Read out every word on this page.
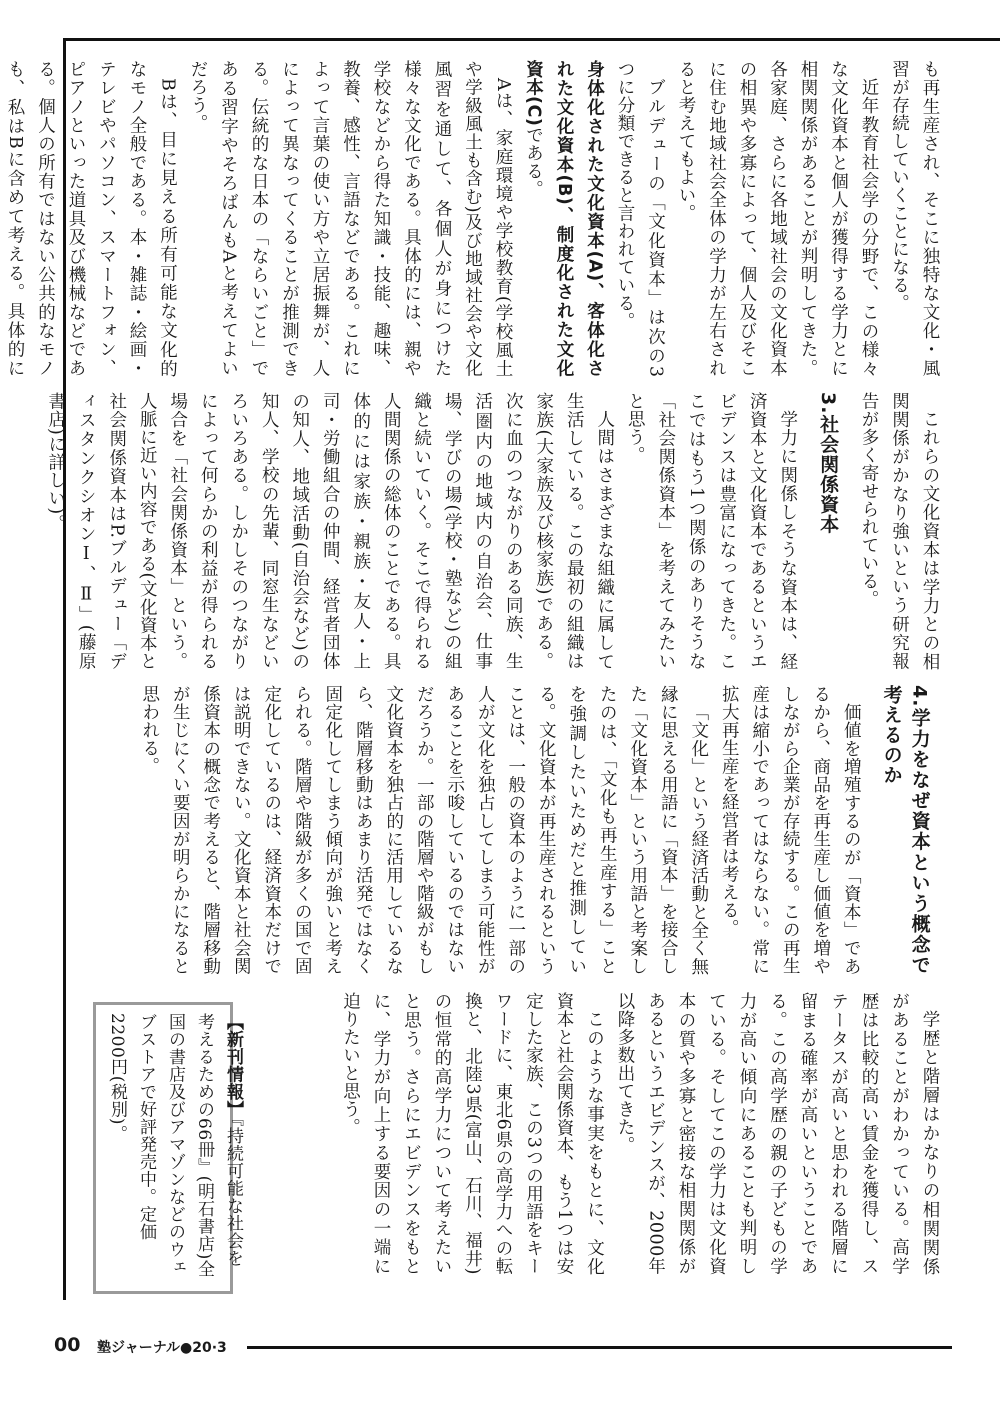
も再生産され、そこに独特な文化・風習が存続していくことになる。

近年教育社会学の分野で、この様々な文化資本と個人が獲得する学力とに相関関係があることが判明してきた。各家庭、さらに各地域社会の文化資本の相異や多寡によって、個人及びそこに住む地域社会全体の学力が左右されると考えてもよい。

ブルデューの「文化資本」は次の3つに分類できると言われている。

身体化された文化資本(A)、客体化された文化資本(B)、制度化された文化資本(C)である。

Aは、家庭環境や学校教育(学校風土や学級風土も含む)及び地域社会や文化風習を通して、各個人が身につけた様々な文化である。具体的には、親や学校などから得た知識・技能、趣味、教養、感性、言語などである。これによって言葉の使い方や立居振舞が、人によって異なってくることが推測できる。伝統的な日本の「ならいごと」である習字やそろばんもAと考えてよいだろう。

Bは、目に見える所有可能な文化的なモノ全般である。本・雑誌・絵画・テレビやパソコン、スマートフォン、ピアノといった道具及び機械などである。個人の所有ではない公共的なモノも、私はBに含めて考える。具体的に

これらの文化資本は学力との相関関係がかなり強いという研究報告が多く寄せられている。

3.社会関係資本

学力に関係しそうな資本は、経済資本と文化資本であるというエビデンスは豊富になってきた。ここではもう1つ関係のありそうな「社会関係資本」を考えてみたいと思う。

人間はさまざまな組織に属して生活している。この最初の組織は家族(大家族及び核家族)である。次に血のつながりのある同族、生活圏内の地域内の自治会、仕事場、学びの場(学校・塾など)の組織と続いていく。そこで得られる人間関係の総体のことである。具体的には家族・親族・友人・上司・労働組合の仲間、経営者団体の知人、地域活動(自治会など)の知人、学校の先輩、同窓生などいろいろある。しかしそのつながりによって何らかの利益が得られる場合を「社会関係資本」という。人脈に近い内容である(文化資本と社会関係資本はP.ブルデュー「ディスタンクシオンⅠ、Ⅱ」(藤原書店)に詳しい)。

4.学力をなぜ資本という概念で考えるのか

価値を増殖するのが「資本」であるから、商品を再生産し価値を増やしながら企業が存続する。この再生産は縮小であってはならない。常に拡大再生産を経営者は考える。

「文化」という経済活動と全く無縁に思える用語に「資本」を接合した「文化資本」という用語と考案したのは、「文化も再生産する」ことを強調したいためだと推測している。文化資本が再生産されるということは、一般の資本のように一部の人が文化を独占してしまう可能性があることを示唆しているのではないだろうか。一部の階層や階級がもし文化資本を独占的に活用しているなら、階層移動はあまり活発ではなく固定化してしまう傾向が強いと考えられる。階層や階級が多くの国で固定化しているのは、経済資本だけでは説明できない。文化資本と社会関係資本の概念で考えると、階層移動が生じにくい要因が明らかになると思われる。

学歴と階層はかなりの相関関係があることがわかっている。高学歴は比較的高い賃金を獲得し、ステータスが高いと思われる階層に留まる確率が高いということである。この高学歴の親の子どもの学力が高い傾向にあることも判明している。そしてこの学力は文化資本の質や多寡と密接な相関関係があるというエビデンスが、2000年以降多数出てきた。

このような事実をもとに、文化資本と社会関係資本、もう1つは安定した家族、この3つの用語をキーワードに、東北6県の高学力への転換と、北陸3県(富山、石川、福井)の恒常的高学力について考えたいと思う。さらにエビデンスをもとに、学力が向上する要因の一端に迫りたいと思う。

【新刊情報】『持続可能な社会を考えるための66冊』(明石書店)全国の書店及びアマゾンなどのウェブストアで好評発売中。定価2200円(税別)。
00 塾ジャーナル●20·3
